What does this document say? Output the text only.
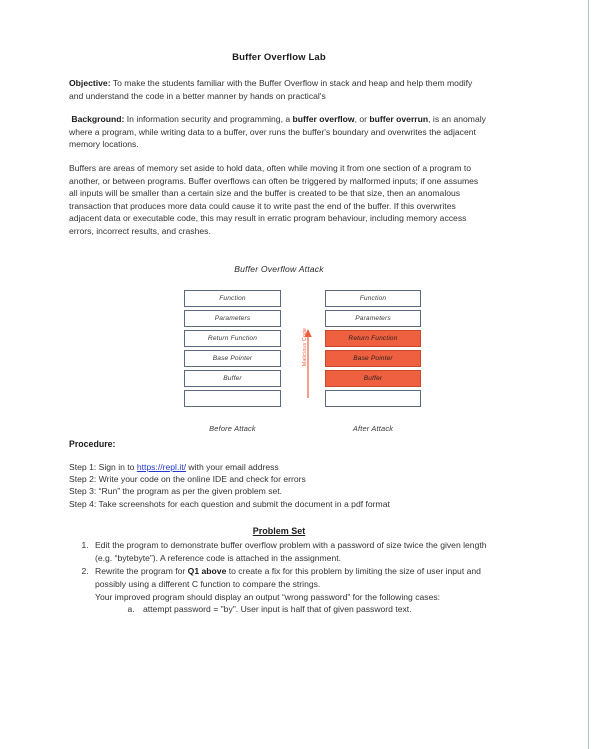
Buffer Overflow Lab

Objective: To make the students familiar with the Buffer Overflow in stack and heap and help them modify and understand the code in a better manner by hands on practical's

Background: In information security and programming, a buffer overflow, or buffer overrun, is an anomaly where a program, while writing data to a buffer, over runs the buffer's boundary and overwrites the adjacent memory locations.

Buffers are areas of memory set aside to hold data, often while moving it from one section of a program to another, or between programs. Buffer overflows can often be triggered by malformed inputs; if one assumes all inputs will be smaller than a certain size and the buffer is created to be that size, then an anomalous transaction that produces more data could cause it to write past the end of the buffer. If this overwrites adjacent data or executable code, this may result in erratic program behaviour, including memory access errors, incorrect results, and crashes.

Buffer Overflow Attack
Function
Parameters
Return Function
Base Pointer
Buffer
Malicious Code
Function
Parameters
Return Function
Base Pointer
Buffer
Before Attack	After Attack
Procedure:
Step 1: Sign in to https://repl.it/ with your email address
Step 2: Write your code on the online IDE and check for errors
Step 3: “Run” the program as per the given problem set.
Step 4: Take screenshots for each question and submit the document in a pdf format
Problem Set
1. Edit the program to demonstrate buffer overflow problem with a password of size twice the given length (e.g. “bytebyte”). A reference code is attached in the assignment.
2. Rewrite the program for Q1 above to create a fix for this problem by limiting the size of user input and possibly using a different C function to compare the strings.
Your improved program should display an output “wrong password” for the following cases:
a. attempt password = "by". User input is half that of given password text.
